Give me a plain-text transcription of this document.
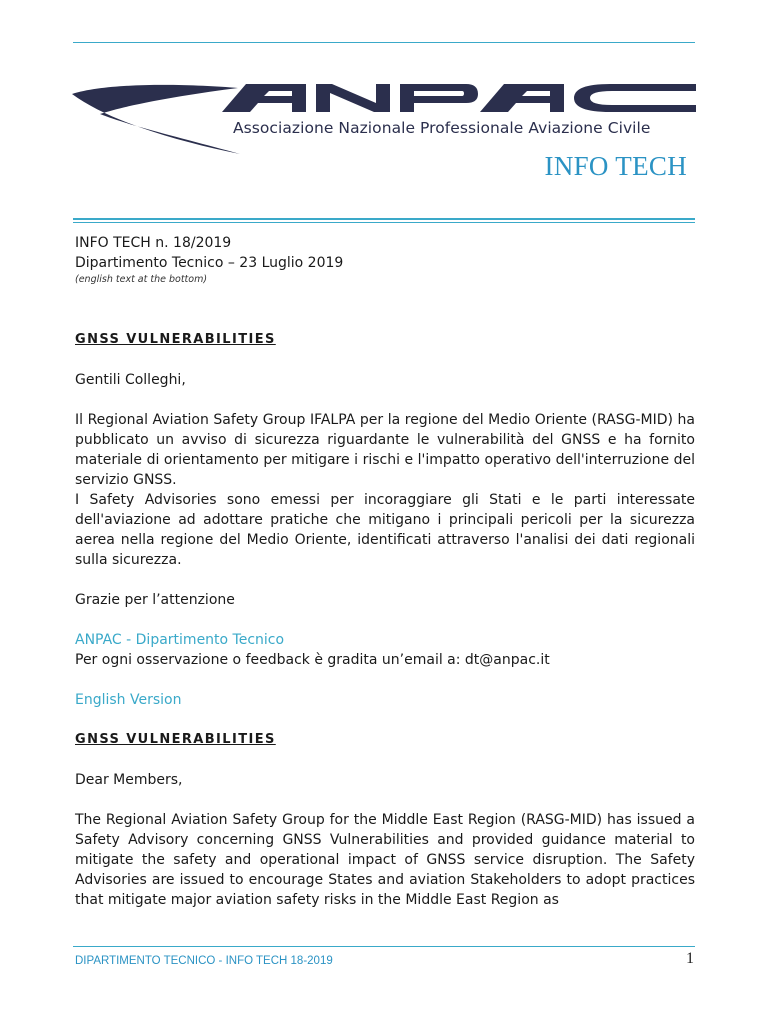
Associazione Nazionale Professionale Aviazione Civile
INFO TECH
INFO TECH n. 18/2019
Dipartimento Tecnico – 23 Luglio 2019
(english text at the bottom)
GNSS VULNERABILITIES
Gentili Colleghi,

Il Regional Aviation Safety Group IFALPA per la regione del Medio Oriente (RASG-MID) ha pubblicato un avviso di sicurezza riguardante le vulnerabilità del GNSS e ha fornito materiale di orientamento per mitigare i rischi e l'impatto operativo dell'interruzione del servizio GNSS.

I Safety Advisories sono emessi per incoraggiare gli Stati e le parti interessate dell'aviazione ad adottare pratiche che mitigano i principali pericoli per la sicurezza aerea nella regione del Medio Oriente, identificati attraverso l'analisi dei dati regionali sulla sicurezza.

Grazie per l’attenzione
ANPAC - Dipartimento Tecnico
Per ogni osservazione o feedback è gradita un’email a: dt@anpac.it
English Version
GNSS VULNERABILITIES
Dear Members,

The Regional Aviation Safety Group for the Middle East Region (RASG-MID) has issued a Safety Advisory concerning GNSS Vulnerabilities and provided guidance material to mitigate the safety and operational impact of GNSS service disruption. The Safety Advisories are issued to encourage States and aviation Stakeholders to adopt practices that mitigate major aviation safety risks in the Middle East Region as

DIPARTIMENTO TECNICO - INFO TECH 18-2019	1
